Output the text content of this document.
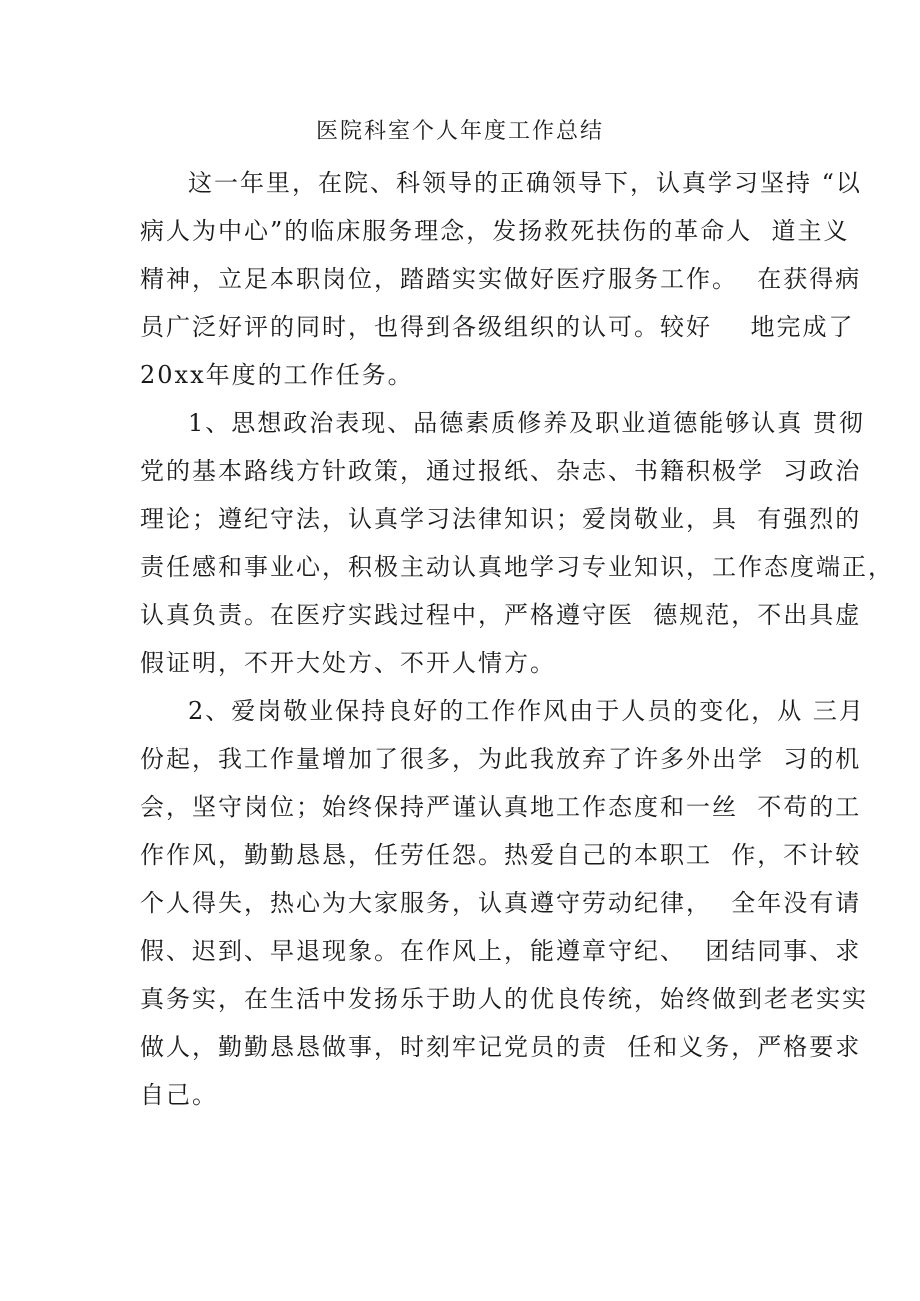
医院科室个人年度工作总结
这一年里，在院、科领导的正确领导下，认真学习坚持 “以
病人为中心”的临床服务理念，发扬救死扶伤的革命人  道主义
精神，立足本职岗位，踏踏实实做好医疗服务工作。  在获得病
员广泛好评的同时，也得到各级组织的认可。较好    地完成了
20xx年度的工作任务。
1、思想政治表现、品德素质修养及职业道德能够认真 贯彻
党的基本路线方针政策，通过报纸、杂志、书籍积极学  习政治
理论；遵纪守法，认真学习法律知识；爱岗敬业，具  有强烈的
责任感和事业心，积极主动认真地学习专业知识，工作态度端正，
认真负责。在医疗实践过程中，严格遵守医  德规范，不出具虚
假证明，不开大处方、不开人情方。
2、爱岗敬业保持良好的工作作风由于人员的变化，从 三月
份起，我工作量增加了很多，为此我放弃了许多外出学  习的机
会，坚守岗位；始终保持严谨认真地工作态度和一丝  不苟的工
作作风，勤勤恳恳，任劳任怨。热爱自己的本职工  作，不计较
个人得失，热心为大家服务，认真遵守劳动纪律，  全年没有请
假、迟到、早退现象。在作风上，能遵章守纪、  团结同事、求
真务实，在生活中发扬乐于助人的优良传统，始终做到老老实实
做人，勤勤恳恳做事，时刻牢记党员的责  任和义务，严格要求
自己。
